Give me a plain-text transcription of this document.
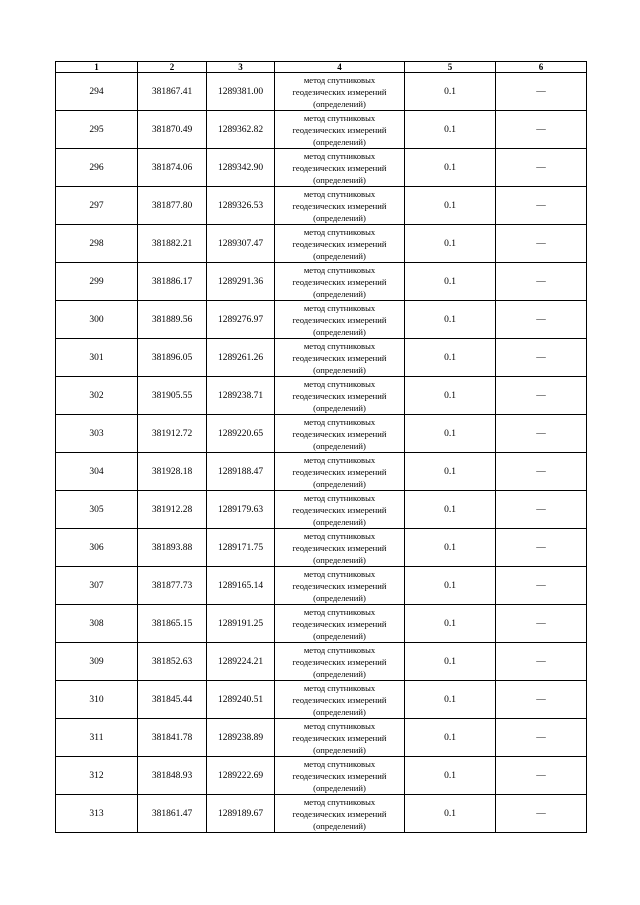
1	2	3	4	5	6
294	381867.41	1289381.00	метод спутниковых
геодезических измерений
(определений)	0.1	—
295	381870.49	1289362.82	метод спутниковых
геодезических измерений
(определений)	0.1	—
296	381874.06	1289342.90	метод спутниковых
геодезических измерений
(определений)	0.1	—
297	381877.80	1289326.53	метод спутниковых
геодезических измерений
(определений)	0.1	—
298	381882.21	1289307.47	метод спутниковых
геодезических измерений
(определений)	0.1	—
299	381886.17	1289291.36	метод спутниковых
геодезических измерений
(определений)	0.1	—
300	381889.56	1289276.97	метод спутниковых
геодезических измерений
(определений)	0.1	—
301	381896.05	1289261.26	метод спутниковых
геодезических измерений
(определений)	0.1	—
302	381905.55	1289238.71	метод спутниковых
геодезических измерений
(определений)	0.1	—
303	381912.72	1289220.65	метод спутниковых
геодезических измерений
(определений)	0.1	—
304	381928.18	1289188.47	метод спутниковых
геодезических измерений
(определений)	0.1	—
305	381912.28	1289179.63	метод спутниковых
геодезических измерений
(определений)	0.1	—
306	381893.88	1289171.75	метод спутниковых
геодезических измерений
(определений)	0.1	—
307	381877.73	1289165.14	метод спутниковых
геодезических измерений
(определений)	0.1	—
308	381865.15	1289191.25	метод спутниковых
геодезических измерений
(определений)	0.1	—
309	381852.63	1289224.21	метод спутниковых
геодезических измерений
(определений)	0.1	—
310	381845.44	1289240.51	метод спутниковых
геодезических измерений
(определений)	0.1	—
311	381841.78	1289238.89	метод спутниковых
геодезических измерений
(определений)	0.1	—
312	381848.93	1289222.69	метод спутниковых
геодезических измерений
(определений)	0.1	—
313	381861.47	1289189.67	метод спутниковых
геодезических измерений
(определений)	0.1	—
